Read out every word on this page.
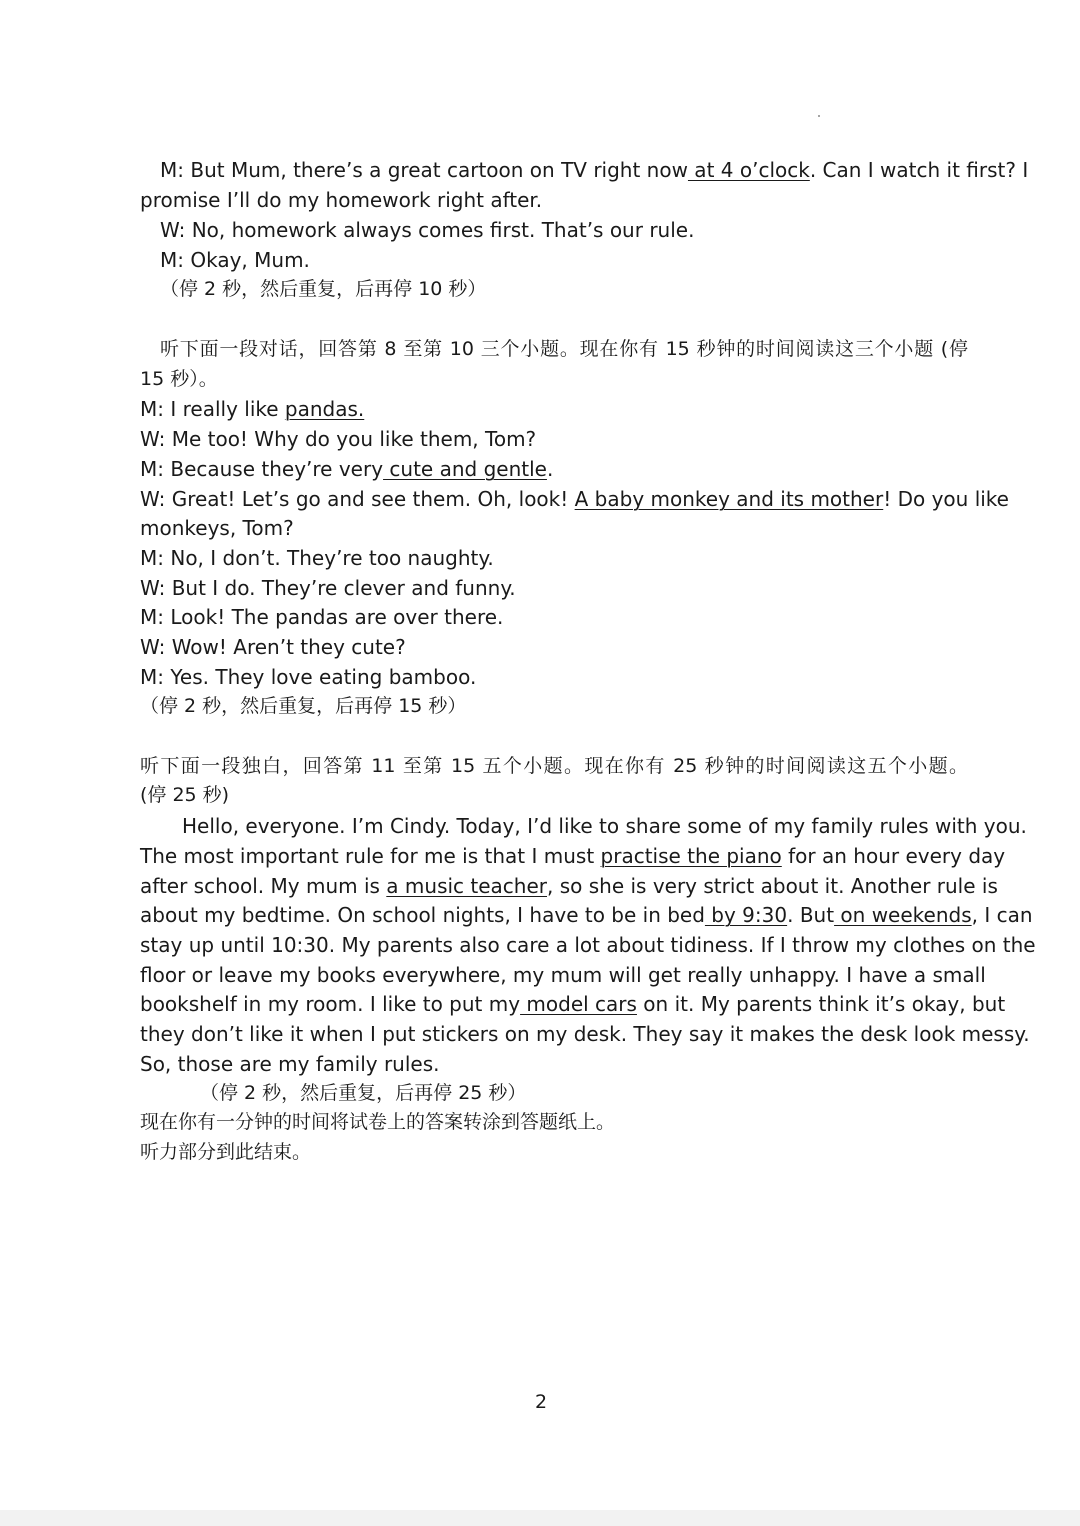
M: But Mum, there’s a great cartoon on TV right now at 4 o’clock. Can I watch it first? I
promise I’ll do my homework right after.
W: No, homework always comes first. That’s our rule.
M: Okay, Mum.
（停 2 秒，然后重复，后再停 10 秒）
听下面一段对话，回答第 8 至第 10 三个小题。现在你有 15 秒钟的时间阅读这三个小题 (停
15 秒）。
M: I really like pandas.
W: Me too! Why do you like them, Tom?
M: Because they’re very cute and gentle.
W: Great! Let’s go and see them. Oh, look! A baby monkey and its mother! Do you like
monkeys, Tom?
M: No, I don’t. They’re too naughty.
W: But I do. They’re clever and funny.
M: Look! The pandas are over there.
W: Wow! Aren’t they cute?
M: Yes. They love eating bamboo.
（停 2 秒，然后重复，后再停 15 秒）
听下面一段独白，回答第 11 至第 15 五个小题。现在你有 25 秒钟的时间阅读这五个小题。
(停 25 秒)
Hello, everyone. I’m Cindy. Today, I’d like to share some of my family rules with you.
The most important rule for me is that I must practise the piano for an hour every day
after school. My mum is a music teacher, so she is very strict about it. Another rule is
about my bedtime. On school nights, I have to be in bed by 9:30. But on weekends, I can
stay up until 10:30. My parents also care a lot about tidiness. If I throw my clothes on the
floor or leave my books everywhere, my mum will get really unhappy. I have a small
bookshelf in my room. I like to put my model cars on it. My parents think it’s okay, but
they don’t like it when I put stickers on my desk. They say it makes the desk look messy.
So, those are my family rules.
（停 2 秒，然后重复，后再停 25 秒）
现在你有一分钟的时间将试卷上的答案转涂到答题纸上。
听力部分到此结束。
2
